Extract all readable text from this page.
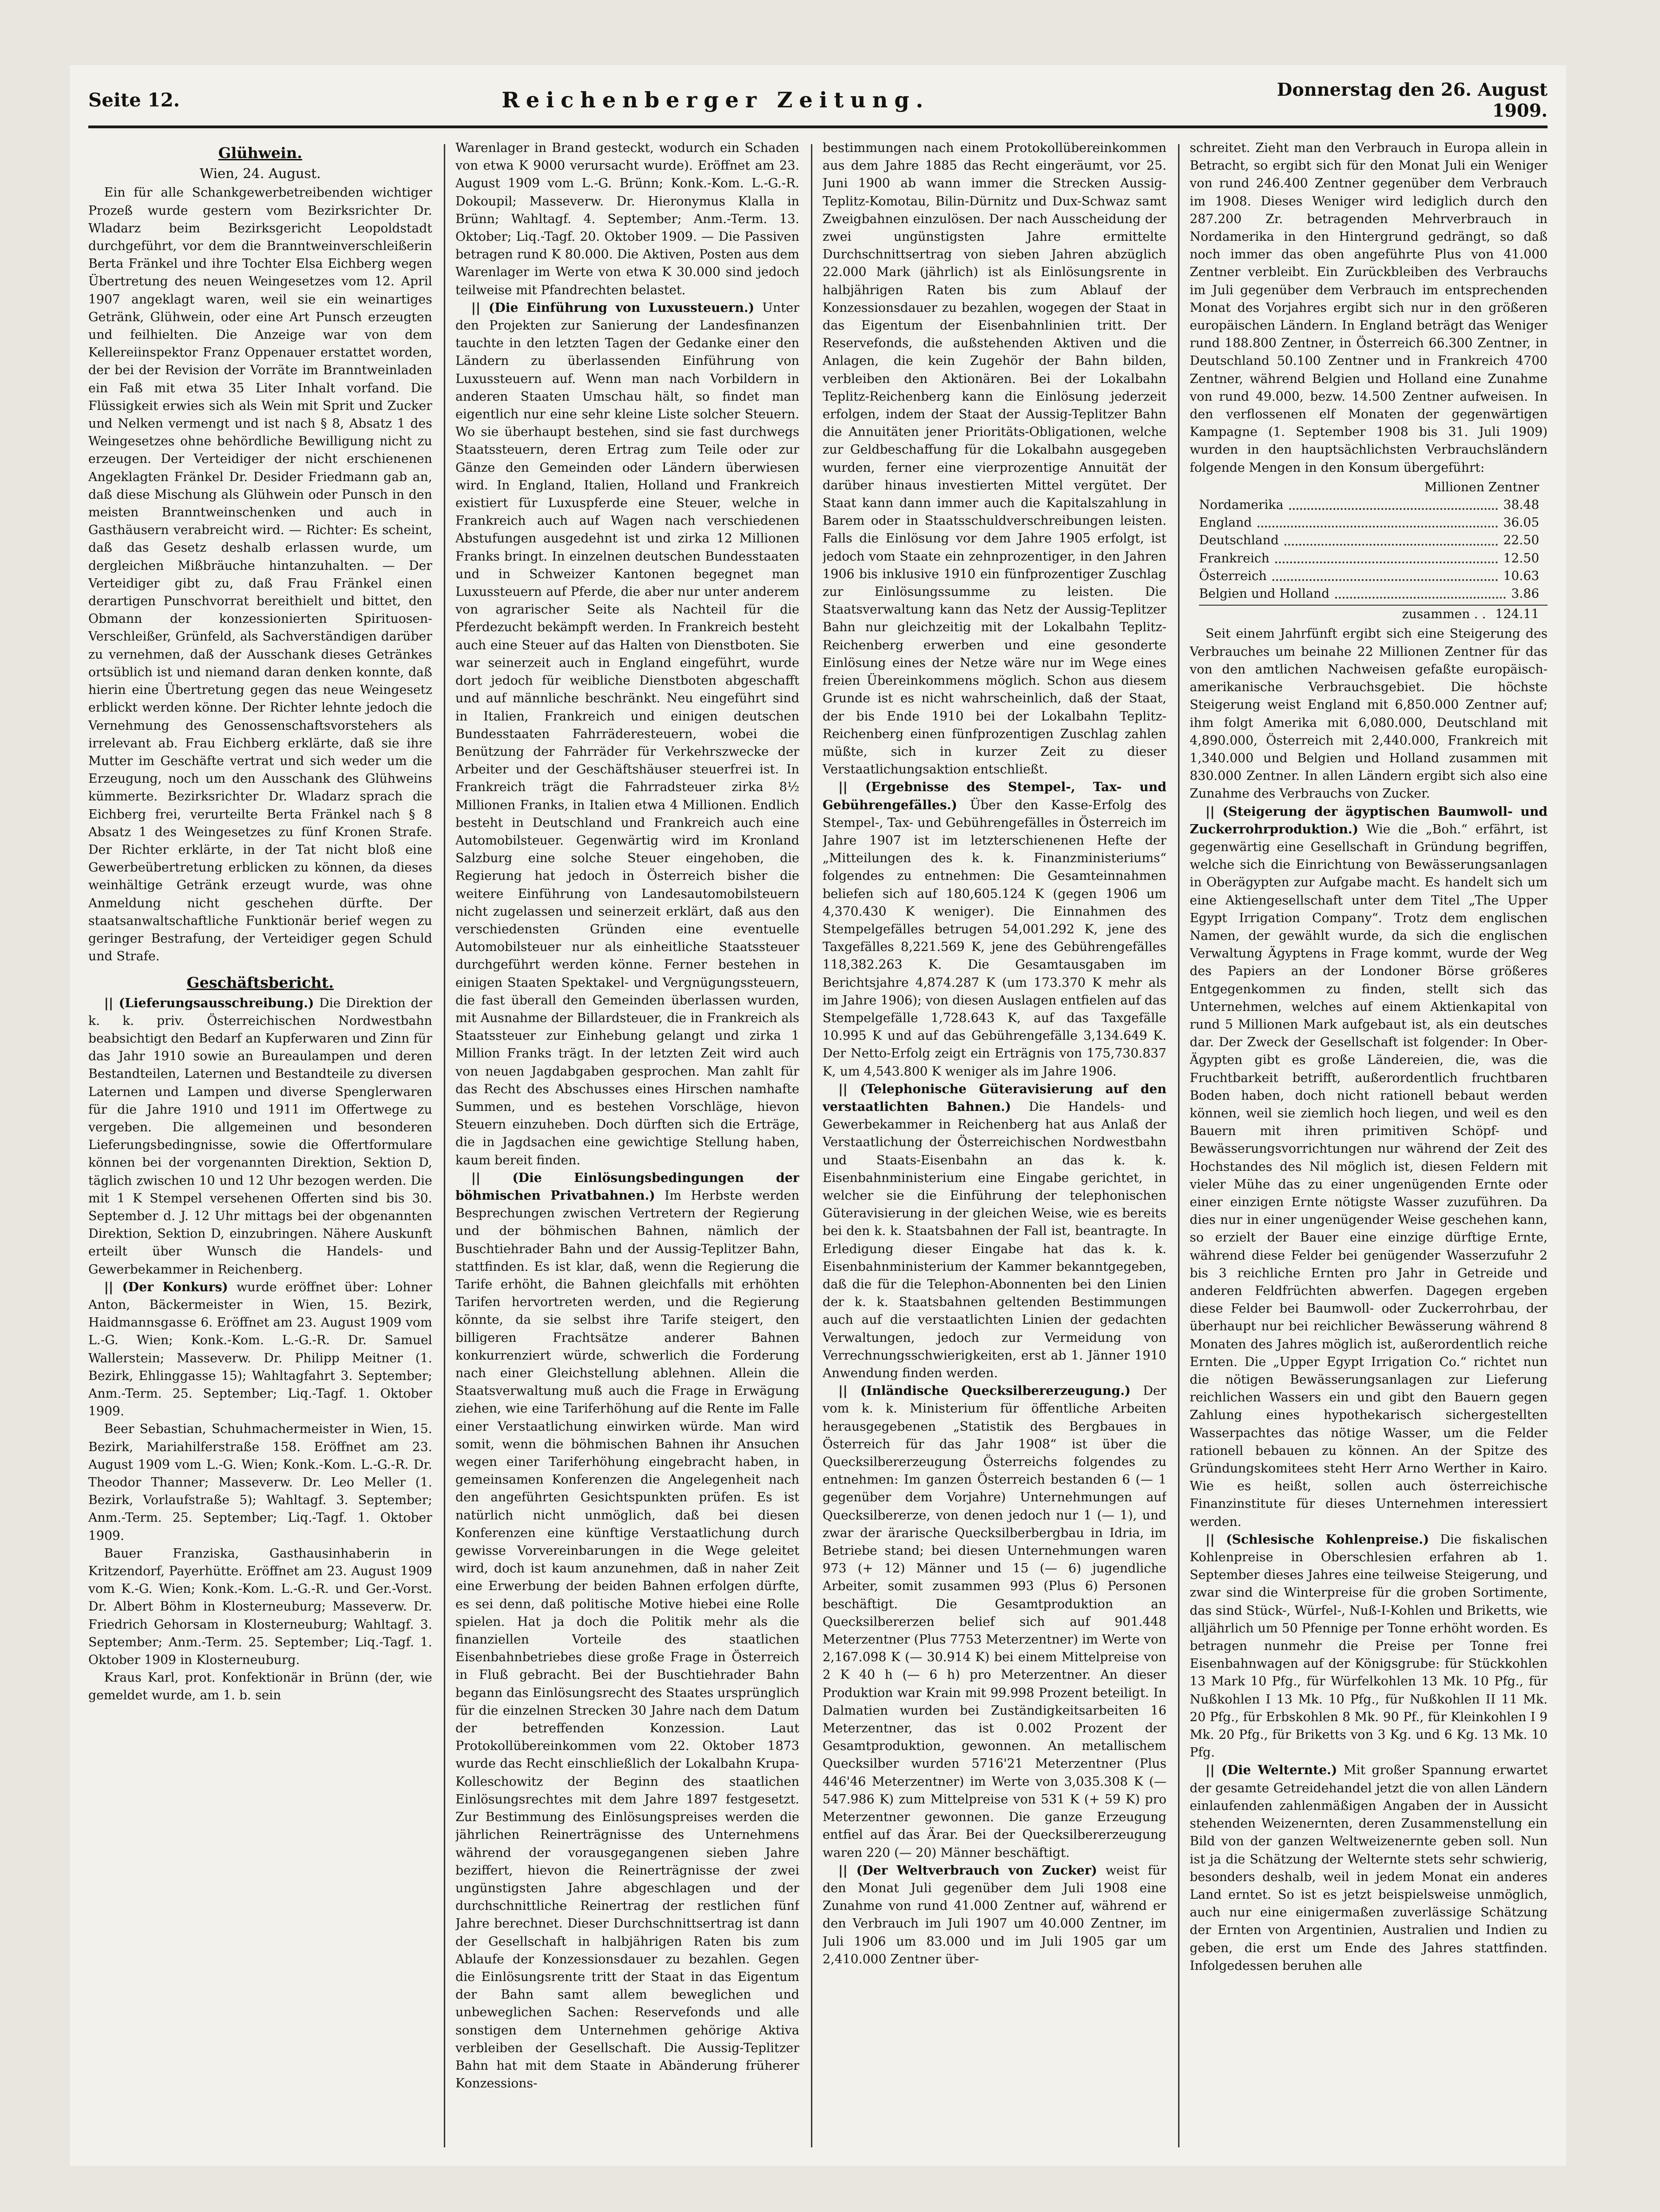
Seite 12.	Reichenberger Zeitung.	Donnerstag den 26. August 1909.
Glühwein.
Wien, 24. August.

Ein für alle Schankgewerbetreibenden wichtiger Prozeß wurde gestern vom Bezirksrichter Dr. Wladarz beim Bezirksgericht Leopoldstadt durchgeführt, vor dem die Branntweinverschleißerin Berta Fränkel und ihre Tochter Elsa Eichberg wegen Übertretung des neuen Weingesetzes vom 12. April 1907 angeklagt waren, weil sie ein weinartiges Getränk, Glühwein, oder eine Art Punsch erzeugten und feilhielten. Die Anzeige war von dem Kellereiinspektor Franz Oppenauer erstattet worden, der bei der Revision der Vorräte im Branntweinladen ein Faß mit etwa 35 Liter Inhalt vorfand. Die Flüssigkeit erwies sich als Wein mit Sprit und Zucker und Nelken vermengt und ist nach § 8, Absatz 1 des Weingesetzes ohne behördliche Bewilligung nicht zu erzeugen. Der Verteidiger der nicht erschienenen Angeklagten Fränkel Dr. Desider Friedmann gab an, daß diese Mischung als Glühwein oder Punsch in den meisten Branntweinschenken und auch in Gasthäusern verabreicht wird. — Richter: Es scheint, daß das Gesetz deshalb erlassen wurde, um dergleichen Mißbräuche hintanzuhalten. — Der Verteidiger gibt zu, daß Frau Fränkel einen derartigen Punschvorrat bereithielt und bittet, den Obmann der konzessionierten Spirituosen-Verschleißer, Grünfeld, als Sachverständigen darüber zu vernehmen, daß der Ausschank dieses Getränkes ortsüblich ist und niemand daran denken konnte, daß hierin eine Übertretung gegen das neue Weingesetz erblickt werden könne. Der Richter lehnte jedoch die Vernehmung des Genossenschaftsvorstehers als irrelevant ab. Frau Eichberg erklärte, daß sie ihre Mutter im Geschäfte vertrat und sich weder um die Erzeugung, noch um den Ausschank des Glühweins kümmerte. Bezirksrichter Dr. Wladarz sprach die Eichberg frei, verurteilte Berta Fränkel nach § 8 Absatz 1 des Weingesetzes zu fünf Kronen Strafe. Der Richter erklärte, in der Tat nicht bloß eine Gewerbeübertretung erblicken zu können, da dieses weinhältige Getränk erzeugt wurde, was ohne Anmeldung nicht geschehen dürfte. Der staatsanwaltschaftliche Funktionär berief wegen zu geringer Bestrafung, der Verteidiger gegen Schuld und Strafe.

Geschäftsbericht.

|| (Lieferungsausschreibung.) Die Direktion der k. k. priv. Österreichischen Nordwestbahn beabsichtigt den Bedarf an Kupferwaren und Zinn für das Jahr 1910 sowie an Bureaulampen und deren Bestandteilen, Laternen und Bestandteile zu diversen Laternen und Lampen und diverse Spenglerwaren für die Jahre 1910 und 1911 im Offertwege zu vergeben. Die allgemeinen und besonderen Lieferungsbedingnisse, sowie die Offertformulare können bei der vorgenannten Direktion, Sektion D, täglich zwischen 10 und 12 Uhr bezogen werden. Die mit 1 K Stempel versehenen Offerten sind bis 30. September d. J. 12 Uhr mittags bei der obgenannten Direktion, Sektion D, einzubringen. Nähere Auskunft erteilt über Wunsch die Handels- und Gewerbekammer in Reichenberg.

|| (Der Konkurs) wurde eröffnet über: Lohner Anton, Bäckermeister in Wien, 15. Bezirk, Haidmannsgasse 6. Eröffnet am 23. August 1909 vom L.-G. Wien; Konk.-Kom. L.-G.-R. Dr. Samuel Wallerstein; Masseverw. Dr. Philipp Meitner (1. Bezirk, Ehlinggasse 15); Wahltagfahrt 3. September; Anm.-Term. 25. September; Liq.-Tagf. 1. Oktober 1909.

Beer Sebastian, Schuhmachermeister in Wien, 15. Bezirk, Mariahilferstraße 158. Eröffnet am 23. August 1909 vom L.-G. Wien; Konk.-Kom. L.-G.-R. Dr. Theodor Thanner; Masseverw. Dr. Leo Meller (1. Bezirk, Vorlaufstraße 5); Wahltagf. 3. September; Anm.-Term. 25. September; Liq.-Tagf. 1. Oktober 1909.

Bauer Franziska, Gasthausinhaberin in Kritzendorf, Payerhütte. Eröffnet am 23. August 1909 vom K.-G. Wien; Konk.-Kom. L.-G.-R. und Ger.-Vorst. Dr. Albert Böhm in Klosterneuburg; Masseverw. Dr. Friedrich Gehorsam in Klosterneuburg; Wahltagf. 3. September; Anm.-Term. 25. September; Liq.-Tagf. 1. Oktober 1909 in Klosterneuburg.

Kraus Karl, prot. Konfektionär in Brünn (der, wie gemeldet wurde, am 1. b. sein

Warenlager in Brand gesteckt, wodurch ein Schaden von etwa K 9000 verursacht wurde). Eröffnet am 23. August 1909 vom L.-G. Brünn; Konk.-Kom. L.-G.-R. Dokoupil; Masseverw. Dr. Hieronymus Klalla in Brünn; Wahltagf. 4. September; Anm.-Term. 13. Oktober; Liq.-Tagf. 20. Oktober 1909. — Die Passiven betragen rund K 80.000. Die Aktiven, Posten aus dem Warenlager im Werte von etwa K 30.000 sind jedoch teilweise mit Pfandrechten belastet.

|| (Die Einführung von Luxussteuern.) Unter den Projekten zur Sanierung der Landesfinanzen tauchte in den letzten Tagen der Gedanke einer den Ländern zu überlassenden Einführung von Luxussteuern auf. Wenn man nach Vorbildern in anderen Staaten Umschau hält, so findet man eigentlich nur eine sehr kleine Liste solcher Steuern. Wo sie überhaupt bestehen, sind sie fast durchwegs Staatssteuern, deren Ertrag zum Teile oder zur Gänze den Gemeinden oder Ländern überwiesen wird. In England, Italien, Holland und Frankreich existiert für Luxuspferde eine Steuer, welche in Frankreich auch auf Wagen nach verschiedenen Abstufungen ausgedehnt ist und zirka 12 Millionen Franks bringt. In einzelnen deutschen Bundesstaaten und in Schweizer Kantonen begegnet man Luxussteuern auf Pferde, die aber nur unter anderem von agrarischer Seite als Nachteil für die Pferdezucht bekämpft werden. In Frankreich besteht auch eine Steuer auf das Halten von Dienstboten. Sie war seinerzeit auch in England eingeführt, wurde dort jedoch für weibliche Dienstboten abgeschafft und auf männliche beschränkt. Neu eingeführt sind in Italien, Frankreich und einigen deutschen Bundesstaaten Fahrräderesteuern, wobei die Benützung der Fahrräder für Verkehrszwecke der Arbeiter und der Geschäftshäuser steuerfrei ist. In Frankreich trägt die Fahrradsteuer zirka 8½ Millionen Franks, in Italien etwa 4 Millionen. Endlich besteht in Deutschland und Frankreich auch eine Automobilsteuer. Gegenwärtig wird im Kronland Salzburg eine solche Steuer eingehoben, die Regierung hat jedoch in Österreich bisher die weitere Einführung von Landesautomobilsteuern nicht zugelassen und seinerzeit erklärt, daß aus den verschiedensten Gründen eine eventuelle Automobilsteuer nur als einheitliche Staatssteuer durchgeführt werden könne. Ferner bestehen in einigen Staaten Spektakel- und Vergnügungssteuern, die fast überall den Gemeinden überlassen wurden, mit Ausnahme der Billardsteuer, die in Frankreich als Staatssteuer zur Einhebung gelangt und zirka 1 Million Franks trägt. In der letzten Zeit wird auch von neuen Jagdabgaben gesprochen. Man zahlt für das Recht des Abschusses eines Hirschen namhafte Summen, und es bestehen Vorschläge, hievon Steuern einzuheben. Doch dürften sich die Erträge, die in Jagdsachen eine gewichtige Stellung haben, kaum bereit finden.

|| (Die Einlösungsbedingungen der böhmischen Privatbahnen.) Im Herbste werden Besprechungen zwischen Vertretern der Regierung und der böhmischen Bahnen, nämlich der Buschtiehrader Bahn und der Aussig-Teplitzer Bahn, stattfinden. Es ist klar, daß, wenn die Regierung die Tarife erhöht, die Bahnen gleichfalls mit erhöhten Tarifen hervortreten werden, und die Regierung könnte, da sie selbst ihre Tarife steigert, den billigeren Frachtsätze anderer Bahnen konkurrenziert würde, schwerlich die Forderung nach einer Gleichstellung ablehnen. Allein die Staatsverwaltung muß auch die Frage in Erwägung ziehen, wie eine Tariferhöhung auf die Rente im Falle einer Verstaatlichung einwirken würde. Man wird somit, wenn die böhmischen Bahnen ihr Ansuchen wegen einer Tariferhöhung eingebracht haben, in gemeinsamen Konferenzen die Angelegenheit nach den angeführten Gesichtspunkten prüfen. Es ist natürlich nicht unmöglich, daß bei diesen Konferenzen eine künftige Verstaatlichung durch gewisse Vorvereinbarungen in die Wege geleitet wird, doch ist kaum anzunehmen, daß in naher Zeit eine Erwerbung der beiden Bahnen erfolgen dürfte, es sei denn, daß politische Motive hiebei eine Rolle spielen. Hat ja doch die Politik mehr als die finanziellen Vorteile des staatlichen Eisenbahnbetriebes diese große Frage in Österreich in Fluß gebracht. Bei der Buschtiehrader Bahn begann das Einlösungsrecht des Staates ursprünglich für die einzelnen Strecken 30 Jahre nach dem Datum der betreffenden Konzession. Laut Protokollübereinkommen vom 22. Oktober 1873 wurde das Recht einschließlich der Lokalbahn Krupa-Kolleschowitz der Beginn des staatlichen Einlösungsrechtes mit dem Jahre 1897 festgesetzt. Zur Bestimmung des Einlösungspreises werden die jährlichen Reinerträgnisse des Unternehmens während der vorausgegangenen sieben Jahre beziffert, hievon die Reinerträgnisse der zwei ungünstigsten Jahre abgeschlagen und der durchschnittliche Reinertrag der restlichen fünf Jahre berechnet. Dieser Durchschnittsertrag ist dann der Gesellschaft in halbjährigen Raten bis zum Ablaufe der Konzessionsdauer zu bezahlen. Gegen die Einlösungsrente tritt der Staat in das Eigentum der Bahn samt allem beweglichen und unbeweglichen Sachen: Reservefonds und alle sonstigen dem Unternehmen gehörige Aktiva verbleiben der Gesellschaft. Die Aussig-Teplitzer Bahn hat mit dem Staate in Abänderung früherer Konzessions-

bestimmungen nach einem Protokollübereinkommen aus dem Jahre 1885 das Recht eingeräumt, vor 25. Juni 1900 ab wann immer die Strecken Aussig-Teplitz-Komotau, Bilin-Dürnitz und Dux-Schwaz samt Zweigbahnen einzulösen. Der nach Ausscheidung der zwei ungünstigsten Jahre ermittelte Durchschnittsertrag von sieben Jahren abzüglich 22.000 Mark (jährlich) ist als Einlösungsrente in halbjährigen Raten bis zum Ablauf der Konzessionsdauer zu bezahlen, wogegen der Staat in das Eigentum der Eisenbahnlinien tritt. Der Reservefonds, die außstehenden Aktiven und die Anlagen, die kein Zugehör der Bahn bilden, verbleiben den Aktionären. Bei der Lokalbahn Teplitz-Reichenberg kann die Einlösung jederzeit erfolgen, indem der Staat der Aussig-Teplitzer Bahn die Annuitäten jener Prioritäts-Obligationen, welche zur Geldbeschaffung für die Lokalbahn ausgegeben wurden, ferner eine vierprozentige Annuität der darüber hinaus investierten Mittel vergütet. Der Staat kann dann immer auch die Kapitalszahlung in Barem oder in Staatsschuldverschreibungen leisten. Falls die Einlösung vor dem Jahre 1905 erfolgt, ist jedoch vom Staate ein zehnprozentiger, in den Jahren 1906 bis inklusive 1910 ein fünfprozentiger Zuschlag zur Einlösungssumme zu leisten. Die Staatsverwaltung kann das Netz der Aussig-Teplitzer Bahn nur gleichzeitig mit der Lokalbahn Teplitz-Reichenberg erwerben und eine gesonderte Einlösung eines der Netze wäre nur im Wege eines freien Übereinkommens möglich. Schon aus diesem Grunde ist es nicht wahrscheinlich, daß der Staat, der bis Ende 1910 bei der Lokalbahn Teplitz-Reichenberg einen fünfprozentigen Zuschlag zahlen müßte, sich in kurzer Zeit zu dieser Verstaatlichungsaktion entschließt.

|| (Ergebnisse des Stempel-, Tax- und Gebührengefälles.) Über den Kasse-Erfolg des Stempel-, Tax- und Gebührengefälles in Österreich im Jahre 1907 ist im letzterschienenen Hefte der „Mitteilungen des k. k. Finanzministeriums“ folgendes zu entnehmen: Die Gesamteinnahmen beliefen sich auf 180,605.124 K (gegen 1906 um 4,370.430 K weniger). Die Einnahmen des Stempelgefälles betrugen 54,001.292 K, jene des Taxgefälles 8,221.569 K, jene des Gebührengefälles 118,382.263 K. Die Gesamtausgaben im Berichtsjahre 4,874.287 K (um 173.370 K mehr als im Jahre 1906); von diesen Auslagen entfielen auf das Stempelgefälle 1,728.643 K, auf das Taxgefälle 10.995 K und auf das Gebührengefälle 3,134.649 K. Der Netto-Erfolg zeigt ein Erträgnis von 175,730.837 K, um 4,543.800 K weniger als im Jahre 1906.

|| (Telephonische Güteravisierung auf den verstaatlichten Bahnen.) Die Handels- und Gewerbekammer in Reichenberg hat aus Anlaß der Verstaatlichung der Österreichischen Nordwestbahn und Staats-Eisenbahn an das k. k. Eisenbahnministerium eine Eingabe gerichtet, in welcher sie die Einführung der telephonischen Güteravisierung in der gleichen Weise, wie es bereits bei den k. k. Staatsbahnen der Fall ist, beantragte. In Erledigung dieser Eingabe hat das k. k. Eisenbahnministerium der Kammer bekanntgegeben, daß die für die Telephon-Abonnenten bei den Linien der k. k. Staatsbahnen geltenden Bestimmungen auch auf die verstaatlichten Linien der gedachten Verwaltungen, jedoch zur Vermeidung von Verrechnungsschwierigkeiten, erst ab 1. Jänner 1910 Anwendung finden werden.

|| (Inländische Quecksilbererzeugung.) Der vom k. k. Ministerium für öffentliche Arbeiten herausgegebenen „Statistik des Bergbaues in Österreich für das Jahr 1908“ ist über die Quecksilbererzeugung Österreichs folgendes zu entnehmen: Im ganzen Österreich bestanden 6 (— 1 gegenüber dem Vorjahre) Unternehmungen auf Quecksilbererze, von denen jedoch nur 1 (— 1), und zwar der ärarische Quecksilberbergbau in Idria, im Betriebe stand; bei diesen Unternehmungen waren 973 (+ 12) Männer und 15 (— 6) jugendliche Arbeiter, somit zusammen 993 (Plus 6) Personen beschäftigt. Die Gesamtproduktion an Quecksilbererzen belief sich auf 901.448 Meterzentner (Plus 7753 Meterzentner) im Werte von 2,167.098 K (— 30.914 K) bei einem Mittelpreise von 2 K 40 h (— 6 h) pro Meterzentner. An dieser Produktion war Krain mit 99.998 Prozent beteiligt. In Dalmatien wurden bei Zuständigkeitsarbeiten 16 Meterzentner, das ist 0.002 Prozent der Gesamtproduktion, gewonnen. An metallischem Quecksilber wurden 5716'21 Meterzentner (Plus 446'46 Meterzentner) im Werte von 3,035.308 K (— 547.986 K) zum Mittelpreise von 531 K (+ 59 K) pro Meterzentner gewonnen. Die ganze Erzeugung entfiel auf das Ärar. Bei der Quecksilbererzeugung waren 220 (— 20) Männer beschäftigt.

|| (Der Weltverbrauch von Zucker) weist für den Monat Juli gegenüber dem Juli 1908 eine Zunahme von rund 41.000 Zentner auf, während er den Verbrauch im Juli 1907 um 40.000 Zentner, im Juli 1906 um 83.000 und im Juli 1905 gar um 2,410.000 Zentner über-

schreitet. Zieht man den Verbrauch in Europa allein in Betracht, so ergibt sich für den Monat Juli ein Weniger von rund 246.400 Zentner gegenüber dem Verbrauch im 1908. Dieses Weniger wird lediglich durch den 287.200 Zr. betragenden Mehrverbrauch in Nordamerika in den Hintergrund gedrängt, so daß noch immer das oben angeführte Plus von 41.000 Zentner verbleibt. Ein Zurückbleiben des Verbrauchs im Juli gegenüber dem Verbrauch im entsprechenden Monat des Vorjahres ergibt sich nur in den größeren europäischen Ländern. In England beträgt das Weniger rund 188.800 Zentner, in Österreich 66.300 Zentner, in Deutschland 50.100 Zentner und in Frankreich 4700 Zentner, während Belgien und Holland eine Zunahme von rund 49.000, bezw. 14.500 Zentner aufweisen. In den verflossenen elf Monaten der gegenwärtigen Kampagne (1. September 1908 bis 31. Juli 1909) wurden in den hauptsächlichsten Verbrauchsländern folgende Mengen in den Konsum übergeführt:

Millionen Zentner
Nordamerika	38.48
England	36.05
Deutschland	22.50
Frankreich	12.50
Österreich	10.63
Belgien und Holland	3.86
zusammen . . 124.11

Seit einem Jahrfünft ergibt sich eine Steigerung des Verbrauches um beinahe 22 Millionen Zentner für das von den amtlichen Nachweisen gefaßte europäisch-amerikanische Verbrauchsgebiet. Die höchste Steigerung weist England mit 6,850.000 Zentner auf; ihm folgt Amerika mit 6,080.000, Deutschland mit 4,890.000, Österreich mit 2,440.000, Frankreich mit 1,340.000 und Belgien und Holland zusammen mit 830.000 Zentner. In allen Ländern ergibt sich also eine Zunahme des Verbrauchs von Zucker.

|| (Steigerung der ägyptischen Baumwoll- und Zuckerrohrproduktion.) Wie die „Boh.“ erfährt, ist gegenwärtig eine Gesellschaft in Gründung begriffen, welche sich die Einrichtung von Bewässerungsanlagen in Oberägypten zur Aufgabe macht. Es handelt sich um eine Aktiengesellschaft unter dem Titel „The Upper Egypt Irrigation Company“. Trotz dem englischen Namen, der gewählt wurde, da sich die englischen Verwaltung Ägyptens in Frage kommt, wurde der Weg des Papiers an der Londoner Börse größeres Entgegenkommen zu finden, stellt sich das Unternehmen, welches auf einem Aktienkapital von rund 5 Millionen Mark aufgebaut ist, als ein deutsches dar. Der Zweck der Gesellschaft ist folgender: In Ober-Ägypten gibt es große Ländereien, die, was die Fruchtbarkeit betrifft, außerordentlich fruchtbaren Boden haben, doch nicht rationell bebaut werden können, weil sie ziemlich hoch liegen, und weil es den Bauern mit ihren primitiven Schöpf- und Bewässerungsvorrichtungen nur während der Zeit des Hochstandes des Nil möglich ist, diesen Feldern mit vieler Mühe das zu einer ungenügenden Ernte oder einer einzigen Ernte nötigste Wasser zuzuführen. Da dies nur in einer ungenügender Weise geschehen kann, so erzielt der Bauer eine einzige dürftige Ernte, während diese Felder bei genügender Wasserzufuhr 2 bis 3 reichliche Ernten pro Jahr in Getreide und anderen Feldfrüchten abwerfen. Dagegen ergeben diese Felder bei Baumwoll- oder Zuckerrohrbau, der überhaupt nur bei reichlicher Bewässerung während 8 Monaten des Jahres möglich ist, außerordentlich reiche Ernten. Die „Upper Egypt Irrigation Co.“ richtet nun die nötigen Bewässerungsanlagen zur Lieferung reichlichen Wassers ein und gibt den Bauern gegen Zahlung eines hypothekarisch sichergestellten Wasserpachtes das nötige Wasser, um die Felder rationell bebauen zu können. An der Spitze des Gründungskomitees steht Herr Arno Werther in Kairo. Wie es heißt, sollen auch österreichische Finanzinstitute für dieses Unternehmen interessiert werden.

|| (Schlesische Kohlenpreise.) Die fiskalischen Kohlenpreise in Oberschlesien erfahren ab 1. September dieses Jahres eine teilweise Steigerung, und zwar sind die Winterpreise für die groben Sortimente, das sind Stück-, Würfel-, Nuß-I-Kohlen und Briketts, wie alljährlich um 50 Pfennige per Tonne erhöht worden. Es betragen nunmehr die Preise per Tonne frei Eisenbahnwagen auf der Königsgrube: für Stückkohlen 13 Mark 10 Pfg., für Würfelkohlen 13 Mk. 10 Pfg., für Nußkohlen I 13 Mk. 10 Pfg., für Nußkohlen II 11 Mk. 20 Pfg., für Erbskohlen 8 Mk. 90 Pf., für Kleinkohlen I 9 Mk. 20 Pfg., für Briketts von 3 Kg. und 6 Kg. 13 Mk. 10 Pfg.

|| (Die Welternte.) Mit großer Spannung erwartet der gesamte Getreidehandel jetzt die von allen Ländern einlaufenden zahlenmäßigen Angaben der in Aussicht stehenden Weizenernten, deren Zusammenstellung ein Bild von der ganzen Weltweizenernte geben soll. Nun ist ja die Schätzung der Welternte stets sehr schwierig, besonders deshalb, weil in jedem Monat ein anderes Land erntet. So ist es jetzt beispielsweise unmöglich, auch nur eine einigermaßen zuverlässige Schätzung der Ernten von Argentinien, Australien und Indien zu geben, die erst um Ende des Jahres stattfinden. Infolgedessen beruhen alle
